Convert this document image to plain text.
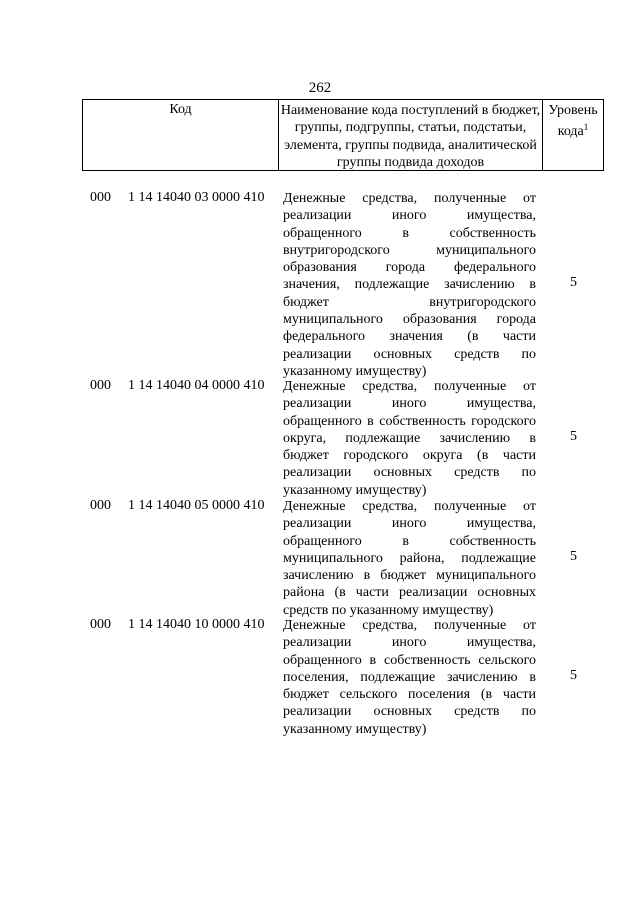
262
Код	Наименование кода поступлений в бюджет, группы, подгруппы, статьи, подстатьи, элемента, группы подвида, аналитической группы подвида доходов
Уровень кода$^1$
000 1 14 14040 03 0000 410 Денежные средства, полученные от реализации иного имущества, обращенного в собственность внутригородского муниципального образования города федерального значения, подлежащие зачислению в бюджет внутригородского муниципального образования города федерального значения (в части реализации основных средств по указанному имуществу)
5
000 1 14 14040 04 0000 410 Денежные средства, полученные от реализации иного имущества, обращенного в собственность городского округа, подлежащие зачислению в бюджет городского округа (в части реализации основных средств по указанному имуществу)
5
000 1 14 14040 05 0000 410 Денежные средства, полученные от реализации иного имущества, обращенного в собственность муниципального района, подлежащие зачислению в бюджет муниципального района (в части реализации основных средств по указанному имуществу)
5
000 1 14 14040 10 0000 410 Денежные средства, полученные от реализации иного имущества, обращенного в собственность сельского поселения, подлежащие зачислению в бюджет сельского поселения (в части реализации основных средств по указанному имуществу)
5
